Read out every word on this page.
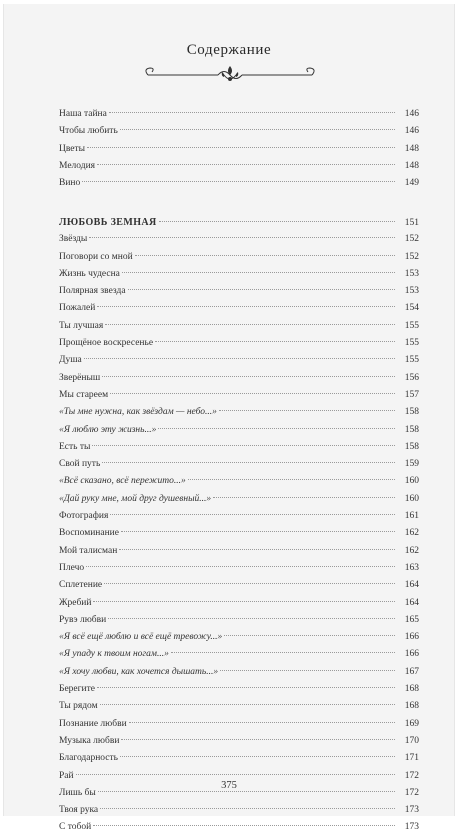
Содержание
Наша тайна	146
Чтобы любить	146
Цветы	148
Мелодия	148
Вино	149
ЛЮБОВЬ ЗЕМНАЯ	151
Звёзды	152
Поговори со мной	152
Жизнь чудесна	153
Полярная звезда	153
Пожалей	154
Ты лучшая	155
Прощёное воскресенье	155
Душа	155
Зверёныш	156
Мы стареем	157
«Ты мне нужна, как звёздам — небо...»	158
«Я люблю эту жизнь...»	158
Есть ты	158
Свой путь	159
«Всё сказано, всё пережито...»	160
«Дай руку мне, мой друг душевный...»	160
Фотография	161
Воспоминание	162
Мой талисман	162
Плечо	163
Сплетение	164
Жребий	164
Рувэ любви	165
«Я всё ещё люблю и всё ещё тревожу...»	166
«Я упаду к твоим ногам...»	166
«Я хочу любви, как хочется дышать...»	167
Берегите	168
Ты рядом	168
Познание любви	169
Музыка любви	170
Благодарность	171
Рай	172
Лишь бы	172
Твоя рука	173
С тобой	173
375
